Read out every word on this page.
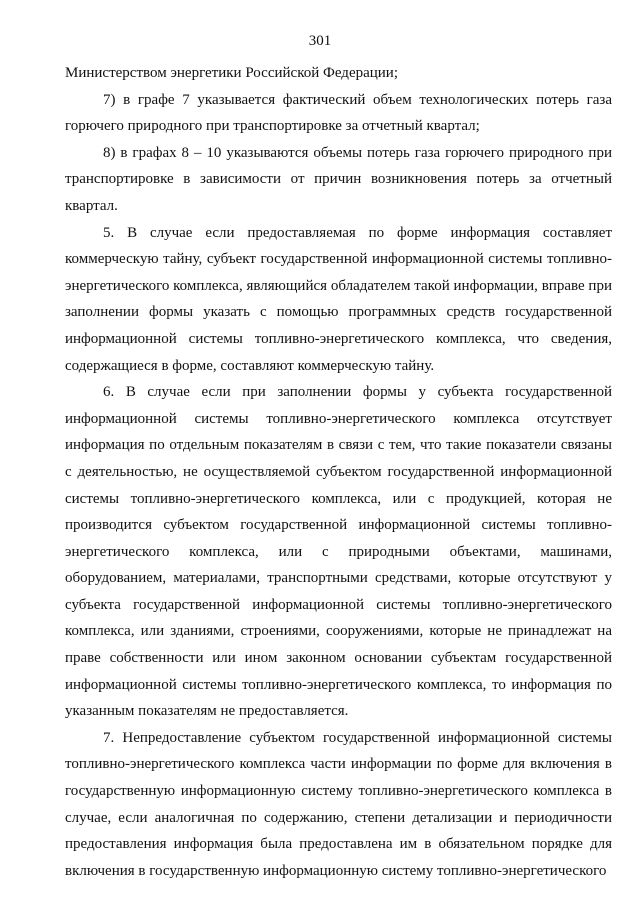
301

Министерством энергетики Российской Федерации;

7) в графе 7 указывается фактический объем технологических потерь газа горючего природного при транспортировке за отчетный квартал;

8) в графах 8 – 10 указываются объемы потерь газа горючего природного при транспортировке в зависимости от причин возникновения потерь за отчетный квартал.

5. В случае если предоставляемая по форме информация составляет коммерческую тайну, субъект государственной информационной системы топливно-энергетического комплекса, являющийся обладателем такой информации, вправе при заполнении формы указать с помощью программных средств государственной информационной системы топливно-энергетического комплекса, что сведения, содержащиеся в форме, составляют коммерческую тайну.

6. В случае если при заполнении формы у субъекта государственной информационной системы топливно-энергетического комплекса отсутствует информация по отдельным показателям в связи с тем, что такие показатели связаны с деятельностью, не осуществляемой субъектом государственной информационной системы топливно-энергетического комплекса, или с продукцией, которая не производится субъектом государственной информационной системы топливно-энергетического комплекса, или с природными объектами, машинами, оборудованием, материалами, транспортными средствами, которые отсутствуют у субъекта государственной информационной системы топливно-энергетического комплекса, или зданиями, строениями, сооружениями, которые не принадлежат на праве собственности или ином законном основании субъектам государственной информационной системы топливно-энергетического комплекса, то информация по указанным показателям не предоставляется.

7. Непредоставление субъектом государственной информационной системы топливно-энергетического комплекса части информации по форме для включения в государственную информационную систему топливно-энергетического комплекса в случае, если аналогичная по содержанию, степени детализации и периодичности предоставления информация была предоставлена им в обязательном порядке для включения в государственную информационную систему топливно-энергетического
